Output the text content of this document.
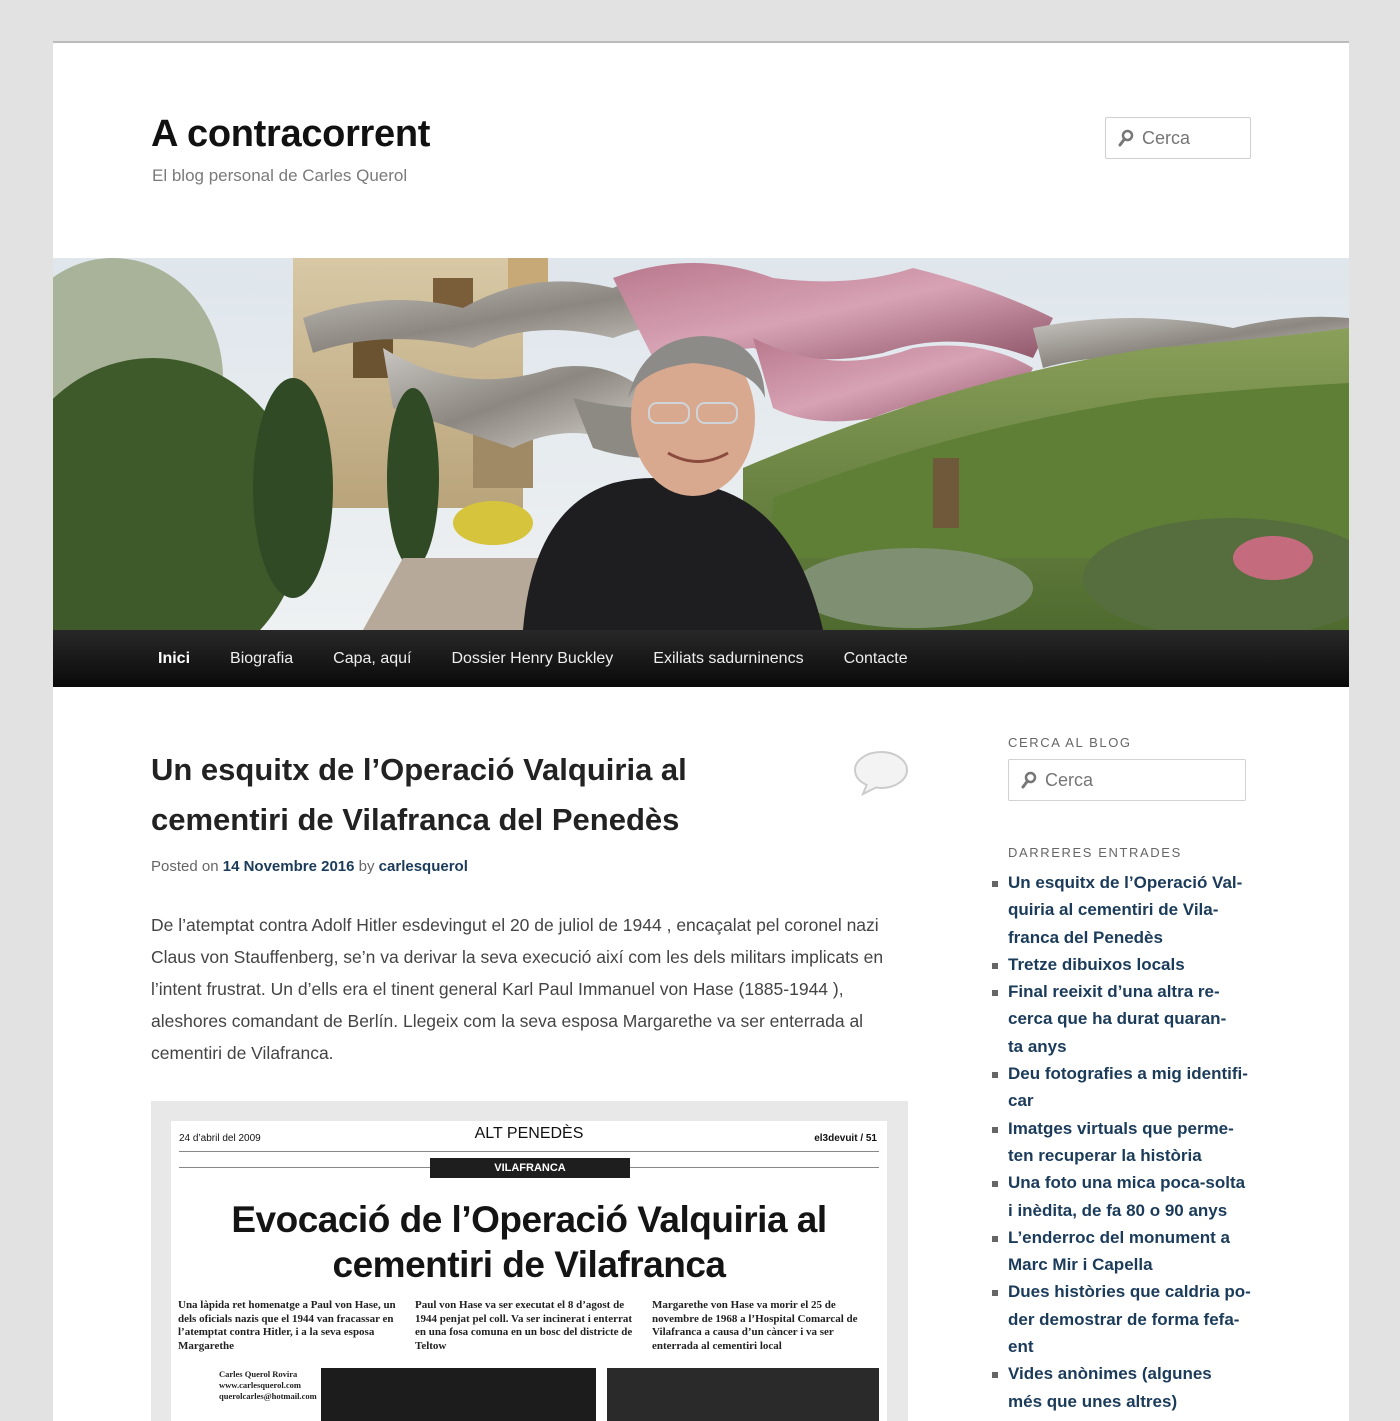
A contracorrent

El blog personal de Carles Querol

Cerca
Inici	Biografia	Capa, aquí	Dossier Henry Buckley	Exiliats sadurninencs	Contacte
Un esquitx de l’Operació Valquiria al cementiri de Vilafranca del Penedès
Posted on 14 Novembre 2016 by carlesquerol

De l’atemptat contra Adolf Hitler esdevingut el 20 de juliol de 1944 , encaçalat pel coronel nazi Claus von Stauffenberg, se’n va derivar la seva execució així com les dels militars implicats en l’intent frustrat. Un d’ells era el tinent general Karl Paul Immanuel von Hase (1885-1944 ), aleshores comandant de Berlín. Llegeix com la seva esposa Margarethe va ser enterrada al cementiri de Vilafranca.

24 d’abril del 2009	ALT PENEDÈS	el3devuit / 51
VILAFRANCA
Evocació de l’Operació Valquiria al
cementiri de Vilafranca
Una làpida ret homenatge a Paul von Hase, un dels oficials nazis que el 1944 van fracassar en l’atemptat contra Hitler, i a la seva esposa Margarethe
Paul von Hase va ser executat el 8 d’agost de 1944 penjat pel coll. Va ser incinerat i enterrat en una fosa comuna en un bosc del districte de Teltow
Margarethe von Hase va morir el 25 de novembre de 1968 a l’Hospital Comarcal de Vilafranca a causa d’un càncer i va ser enterrada al cementiri local
Carles Querol Rovira
www.carlesquerol.com
querolcarles@hotmail.com
CERCA AL BLOG
Cerca
DARRERES ENTRADES
Un esquitx de l’Operació Val-
quiria al cementiri de Vila-
franca del Penedès
Tretze dibuixos locals
Final reeixit d’una altra re-
cerca que ha durat quaran-
ta anys
Deu fotografies a mig identifi-
car
Imatges virtuals que perme-
ten recuperar la història
Una foto una mica poca-solta
i inèdita, de fa 80 o 90 anys
L’enderroc del monument a
Marc Mir i Capella
Dues històries que caldria po-
der demostrar de forma fefa-
ent
Vides anònimes (algunes
més que unes altres)
